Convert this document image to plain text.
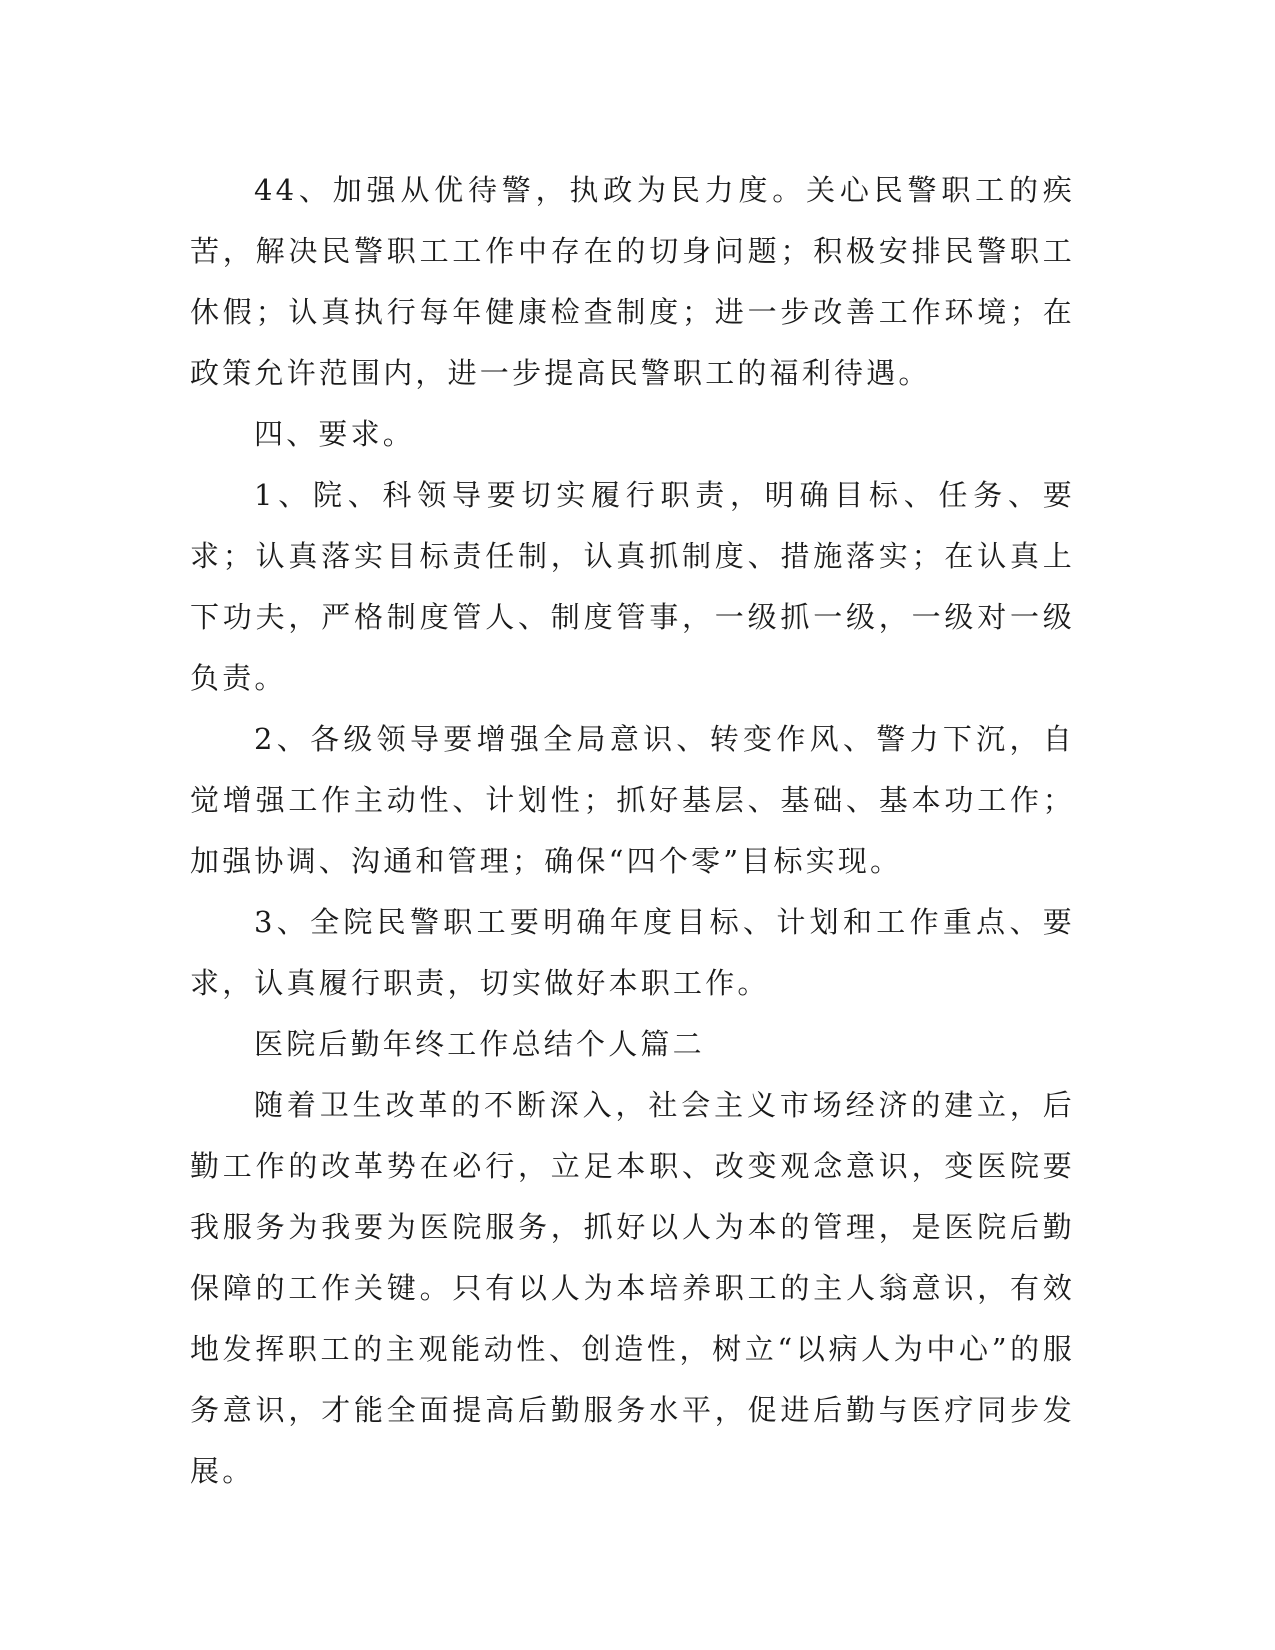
44、加强从优待警，执政为民力度。关心民警职工的疾苦，解决民警职工工作中存在的切身问题；积极安排民警职工休假；认真执行每年健康检查制度；进一步改善工作环境；在政策允许范围内，进一步提高民警职工的福利待遇。

四、要求。

1、院、科领导要切实履行职责，明确目标、任务、要求；认真落实目标责任制，认真抓制度、措施落实；在认真上下功夫，严格制度管人、制度管事，一级抓一级，一级对一级负责。

2、各级领导要增强全局意识、转变作风、警力下沉，自觉增强工作主动性、计划性；抓好基层、基础、基本功工作；加强协调、沟通和管理；确保“四个零”目标实现。

3、全院民警职工要明确年度目标、计划和工作重点、要求，认真履行职责，切实做好本职工作。

医院后勤年终工作总结个人篇二

随着卫生改革的不断深入，社会主义市场经济的建立，后勤工作的改革势在必行，立足本职、改变观念意识，变医院要我服务为我要为医院服务，抓好以人为本的管理，是医院后勤保障的工作关键。只有以人为本培养职工的主人翁意识，有效地发挥职工的主观能动性、创造性，树立“以病人为中心”的服务意识，才能全面提高后勤服务水平，促进后勤与医疗同步发展。
